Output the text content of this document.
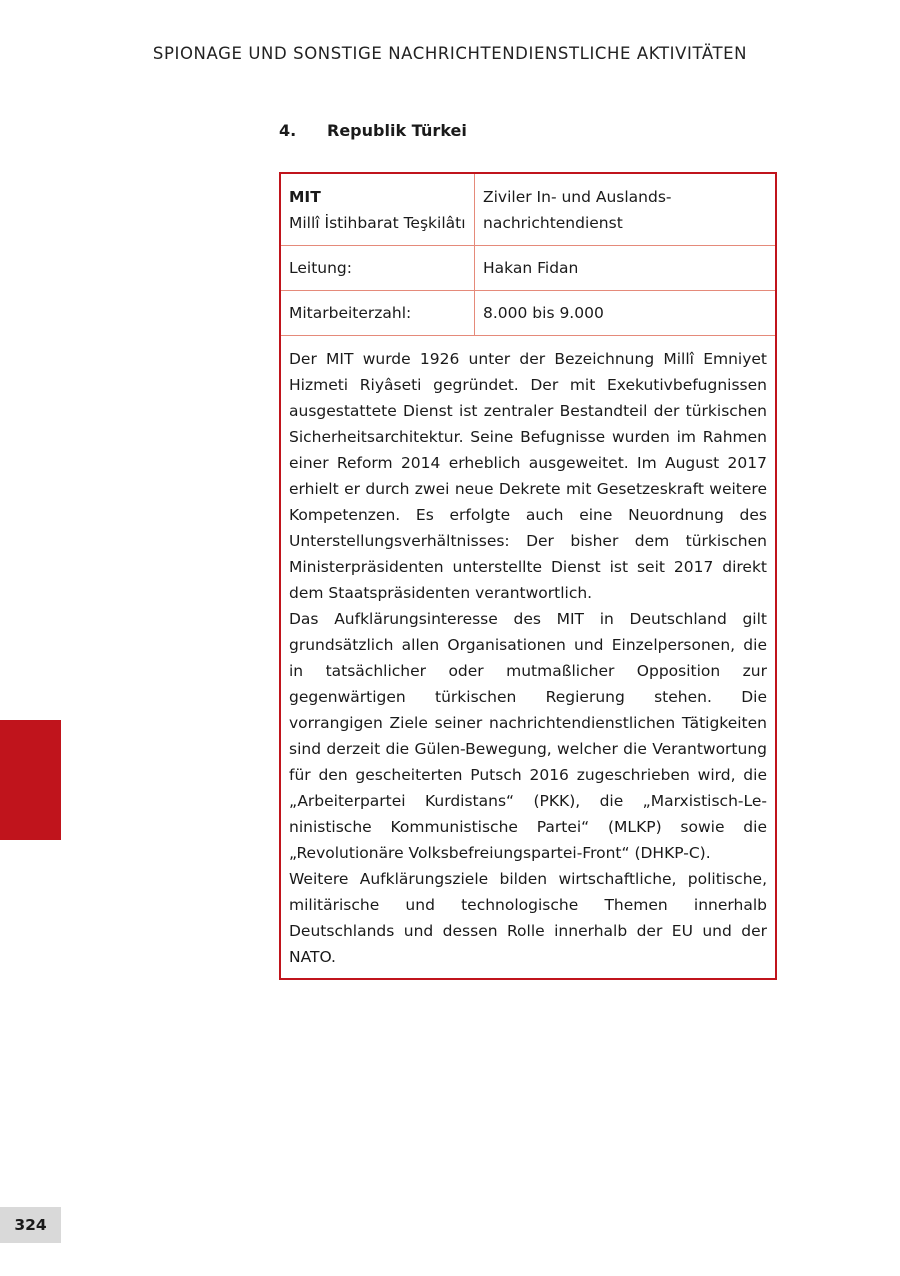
SPIONAGE UND SONSTIGE NACHRICHTENDIENSTLICHE AKTIVITÄTEN
4. Republik Türkei
MIT
Millî İstihbarat Teşkilâtı
Ziviler In- und Auslands-
nachrichtendienst
Leitung:	Hakan Fidan
Mitarbeiterzahl:	8.000 bis 9.000

Der MIT wurde 1926 unter der Bezeichnung Millî Emniyet Hizmeti Riyâseti gegründet. Der mit Exekutivbefugnissen ausgestattete Dienst ist zentraler Bestandteil der türkischen Sicherheitsarchitektur. Seine Befugnisse wurden im Rahmen einer Reform 2014 erheblich ausgeweitet. Im August 2017 erhielt er durch zwei neue Dekrete mit Gesetzeskraft weitere Kompetenzen. Es erfolgte auch eine Neuordnung des Unterstellungsverhältnisses: Der bisher dem türkischen Ministerpräsidenten unterstellte Dienst ist seit 2017 direkt dem Staatspräsidenten verantwortlich.

Das Aufklärungsinteresse des MIT in Deutschland gilt grundsätzlich allen Organisationen und Einzelpersonen, die in tatsächlicher oder mutmaßlicher Opposition zur gegenwärtigen türkischen Regierung stehen. Die vorrangigen Ziele seiner nachrichtendienstlichen Tätigkeiten sind derzeit die Gülen-Bewegung, welcher die Verantwortung für den gescheiterten Putsch 2016 zugeschrieben wird, die „Arbeiterpartei Kurdistans“ (PKK), die „Marxistisch-Leninistische Kommunistische Partei“ (MLKP) sowie die „Revolutionäre Volksbefreiungspartei-Front“ (DHKP-C).

Weitere Aufklärungsziele bilden wirtschaftliche, politische, militärische und technologische Themen innerhalb Deutschlands und dessen Rolle innerhalb der EU und der NATO.

324
